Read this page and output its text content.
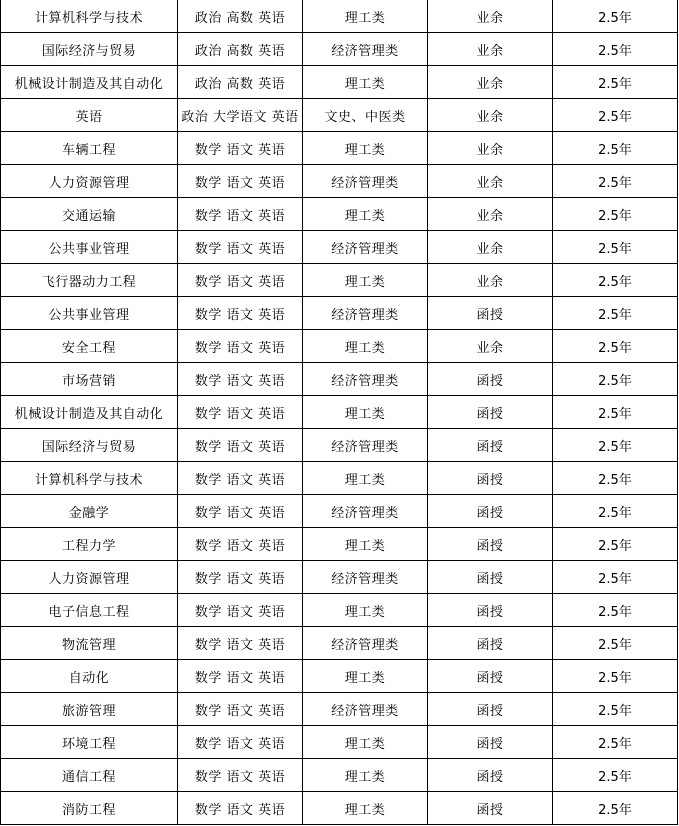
计算机科学与技术	政治 高数 英语	理工类	业余	2.5年
国际经济与贸易	政治 高数 英语	经济管理类	业余	2.5年
机械设计制造及其自动化	政治 高数 英语	理工类	业余	2.5年
英语	政治 大学语文 英语	文史、中医类	业余	2.5年
车辆工程	数学 语文 英语	理工类	业余	2.5年
人力资源管理	数学 语文 英语	经济管理类	业余	2.5年
交通运输	数学 语文 英语	理工类	业余	2.5年
公共事业管理	数学 语文 英语	经济管理类	业余	2.5年
飞行器动力工程	数学 语文 英语	理工类	业余	2.5年
公共事业管理	数学 语文 英语	经济管理类	函授	2.5年
安全工程	数学 语文 英语	理工类	业余	2.5年
市场营销	数学 语文 英语	经济管理类	函授	2.5年
机械设计制造及其自动化	数学 语文 英语	理工类	函授	2.5年
国际经济与贸易	数学 语文 英语	经济管理类	函授	2.5年
计算机科学与技术	数学 语文 英语	理工类	函授	2.5年
金融学	数学 语文 英语	经济管理类	函授	2.5年
工程力学	数学 语文 英语	理工类	函授	2.5年
人力资源管理	数学 语文 英语	经济管理类	函授	2.5年
电子信息工程	数学 语文 英语	理工类	函授	2.5年
物流管理	数学 语文 英语	经济管理类	函授	2.5年
自动化	数学 语文 英语	理工类	函授	2.5年
旅游管理	数学 语文 英语	经济管理类	函授	2.5年
环境工程	数学 语文 英语	理工类	函授	2.5年
通信工程	数学 语文 英语	理工类	函授	2.5年
消防工程	数学 语文 英语	理工类	函授	2.5年
